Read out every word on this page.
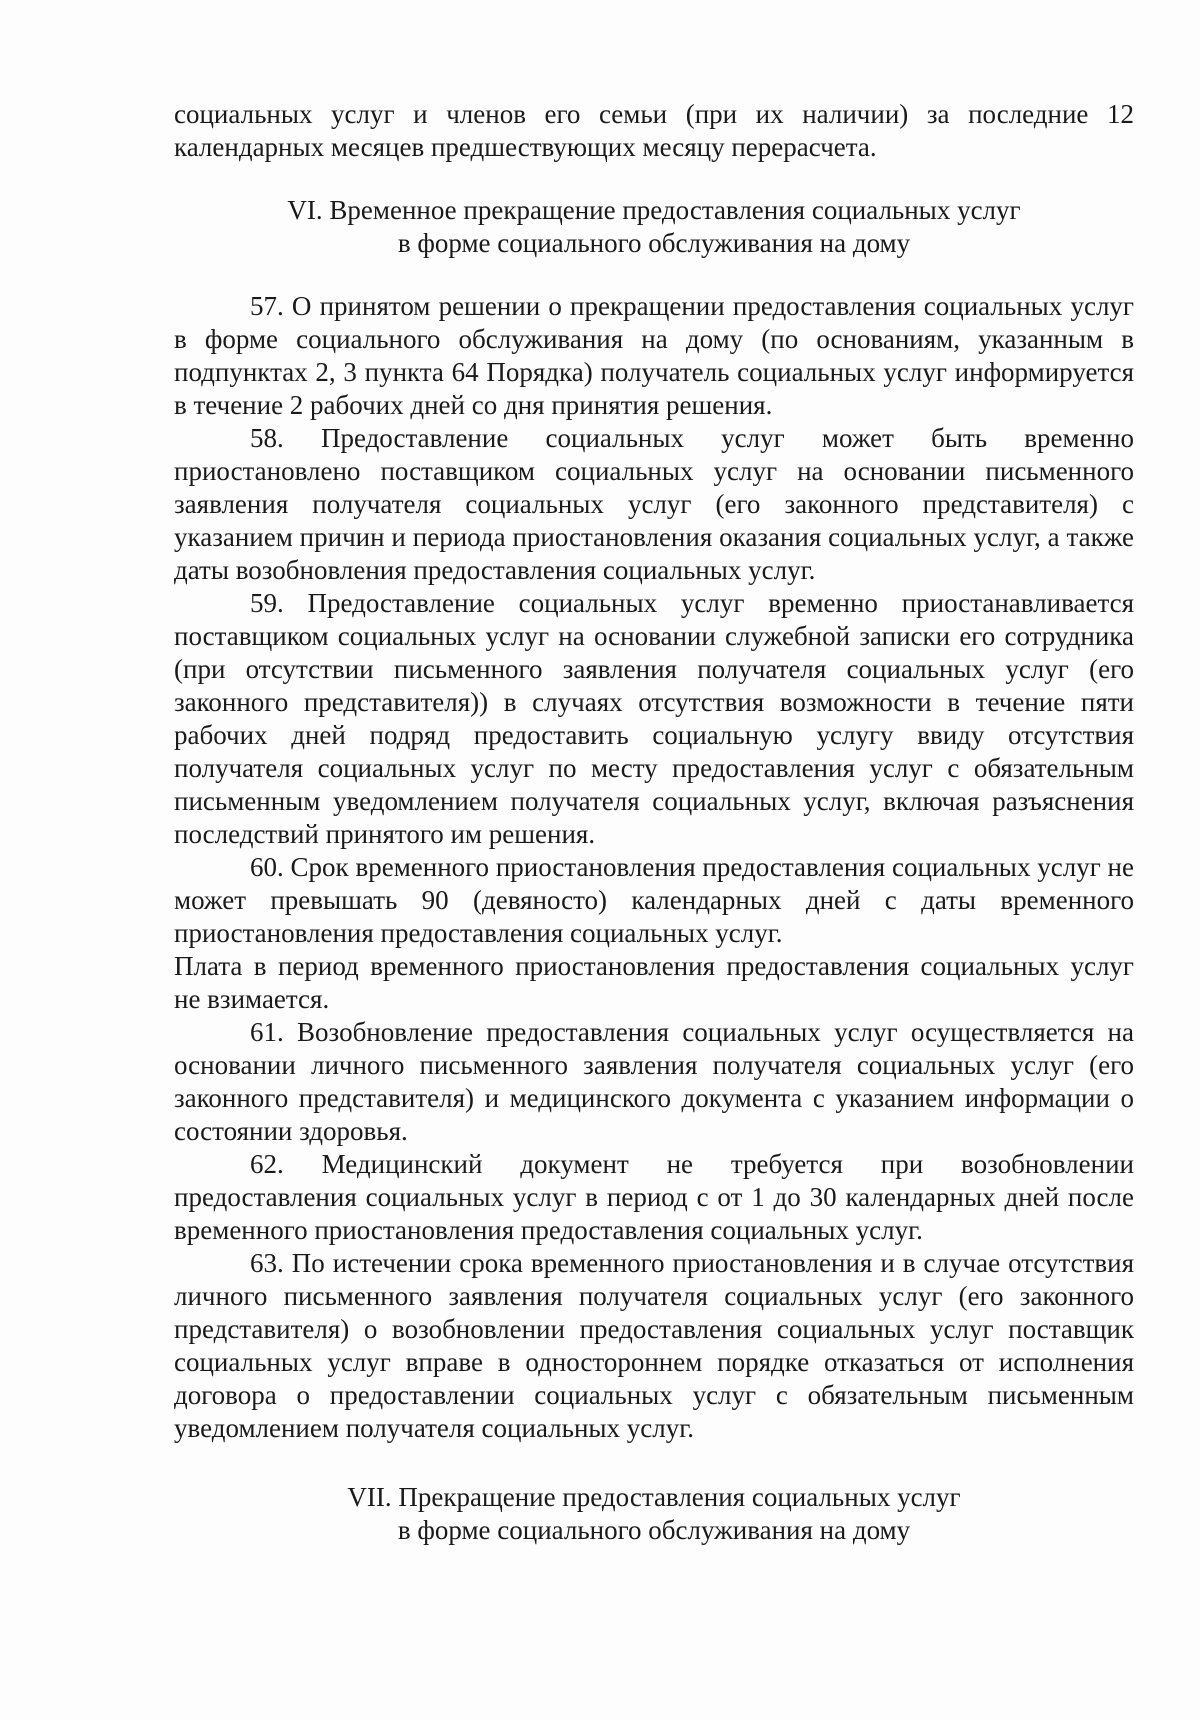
социальных услуг и членов его семьи (при их наличии) за последние 12 календарных месяцев предшествующих месяцу перерасчета.

VI. Временное прекращение предоставления социальных услуг
в форме социального обслуживания на дому

57. О принятом решении о прекращении предоставления социальных услуг в форме социального обслуживания на дому (по основаниям, указанным в подпунктах 2, 3 пункта 64 Порядка) получатель социальных услуг информируется в течение 2 рабочих дней со дня принятия решения.

58. Предоставление социальных услуг может быть временно приостановлено поставщиком социальных услуг на основании письменного заявления получателя социальных услуг (его законного представителя) с указанием причин и периода приостановления оказания социальных услуг, а также даты возобновления предоставления социальных услуг.

59. Предоставление социальных услуг временно приостанавливается поставщиком социальных услуг на основании служебной записки его сотрудника (при отсутствии письменного заявления получателя социальных услуг (его законного представителя)) в случаях отсутствия возможности в течение пяти рабочих дней подряд предоставить социальную услугу ввиду отсутствия получателя социальных услуг по месту предоставления услуг с обязательным письменным уведомлением получателя социальных услуг, включая разъяснения последствий принятого им решения.

60. Срок временного приостановления предоставления социальных услуг не может превышать 90 (девяносто) календарных дней с даты временного приостановления предоставления социальных услуг.

Плата в период временного приостановления предоставления социальных услуг не взимается.

61. Возобновление предоставления социальных услуг осуществляется на основании личного письменного заявления получателя социальных услуг (его законного представителя) и медицинского документа с указанием информации о состоянии здоровья.

62. Медицинский документ не требуется при возобновлении предоставления социальных услуг в период с от 1 до 30 календарных дней после временного приостановления предоставления социальных услуг.

63. По истечении срока временного приостановления и в случае отсутствия личного письменного заявления получателя социальных услуг (его законного представителя) о возобновлении предоставления социальных услуг поставщик социальных услуг вправе в одностороннем порядке отказаться от исполнения договора о предоставлении социальных услуг с обязательным письменным уведомлением получателя социальных услуг.

VII. Прекращение предоставления социальных услуг
в форме социального обслуживания на дому
